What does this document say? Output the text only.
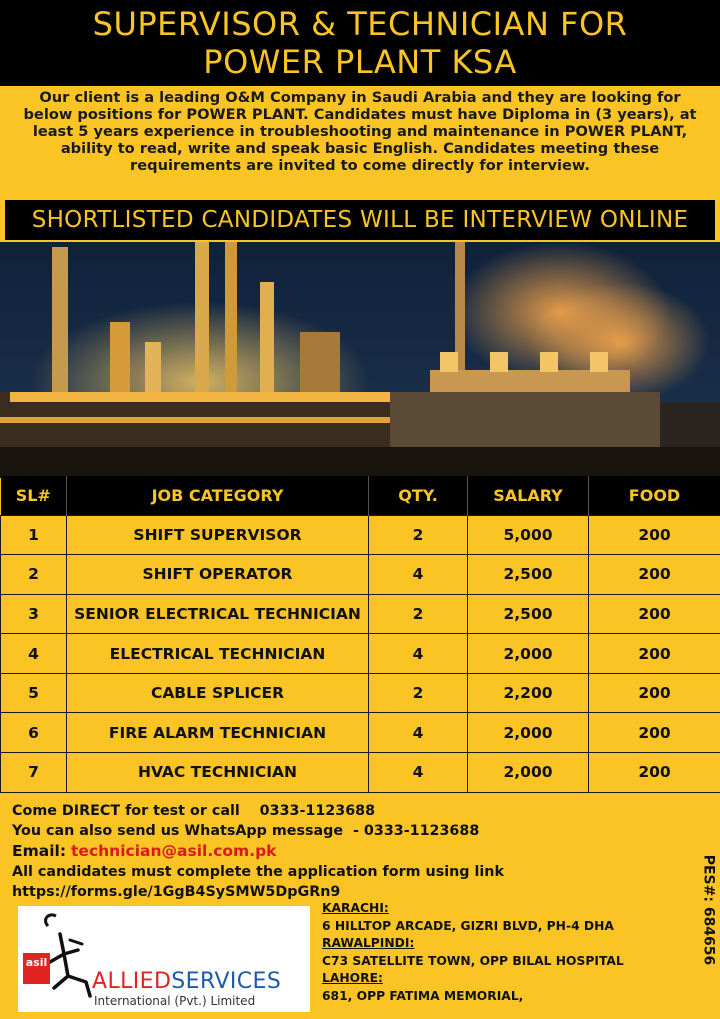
SUPERVISOR & TECHNICIAN FOR
POWER PLANT KSA

Our client is a leading O&M Company in Saudi Arabia and they are looking for below positions for POWER PLANT. Candidates must have Diploma in (3 years), at least 5 years experience in troubleshooting and maintenance in POWER PLANT, ability to read, write and speak basic English. Candidates meeting these requirements are invited to come directly for interview.

SHORTLISTED CANDIDATES WILL BE INTERVIEW ONLINE
SL#	JOB CATEGORY	QTY.	SALARY	FOOD
1	SHIFT SUPERVISOR	2	5,000	200
2	SHIFT OPERATOR	4	2,500	200
3	SENIOR ELECTRICAL TECHNICIAN	2	2,500	200
4	ELECTRICAL TECHNICIAN	4	2,000	200
5	CABLE SPLICER	2	2,200	200
6	FIRE ALARM TECHNICIAN	4	2,000	200
7	HVAC TECHNICIAN	4	2,000	200
Come DIRECT for test or call    0333-1123688
You can also send us WhatsApp message  - 0333-1123688
Email: technician@asil.com.pk
All candidates must complete the application form using link
https://forms.gle/1GgB4SySMW5DpGRn9	PES#: 684656
asil
ALLIEDSERVICES
International (Pvt.) Limited
KARACHI:
6 HILLTOP ARCADE, GIZRI BLVD, PH-4 DHA
RAWALPINDI:
C73 SATELLITE TOWN, OPP BILAL HOSPITAL
LAHORE:
681, OPP FATIMA MEMORIAL,
